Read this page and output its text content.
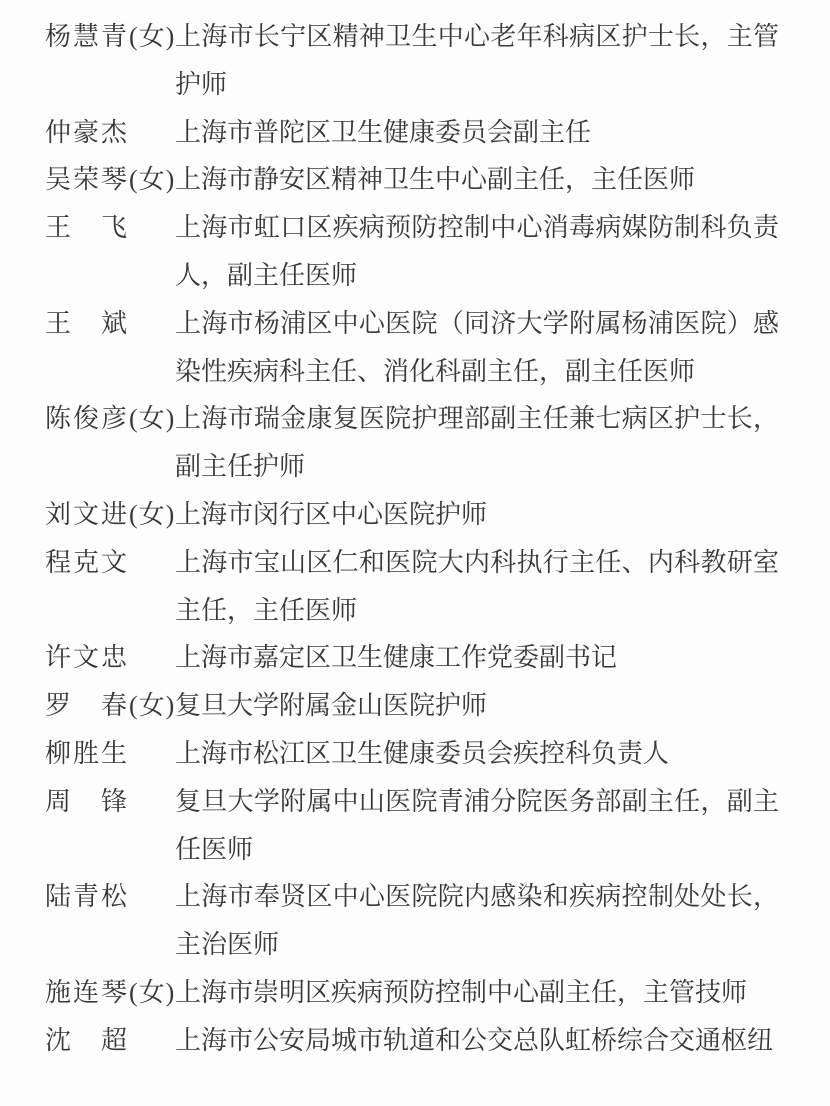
杨慧青(女) 上海市长宁区精神卫生中心老年科病区护士长，主管护师
仲豪杰	上海市普陀区卫生健康委员会副主任
吴荣琴(女) 上海市静安区精神卫生中心副主任，主任医师
王　飞	上海市虹口区疾病预防控制中心消毒病媒防制科负责人，副主任医师
王　斌	上海市杨浦区中心医院（同济大学附属杨浦医院）感染性疾病科主任、消化科副主任，副主任医师
陈俊彦(女) 上海市瑞金康复医院护理部副主任兼七病区护士长，副主任护师
刘文进(女) 上海市闵行区中心医院护师
程克文	上海市宝山区仁和医院大内科执行主任、内科教研室主任，主任医师
许文忠	上海市嘉定区卫生健康工作党委副书记
罗　春(女) 复旦大学附属金山医院护师
柳胜生	上海市松江区卫生健康委员会疾控科负责人
周　锋	复旦大学附属中山医院青浦分院医务部副主任，副主任医师
陆青松	上海市奉贤区中心医院院内感染和疾病控制处处长，主治医师
施连琴(女) 上海市崇明区疾病预防控制中心副主任，主管技师
沈　超	上海市公安局城市轨道和公交总队虹桥综合交通枢纽
